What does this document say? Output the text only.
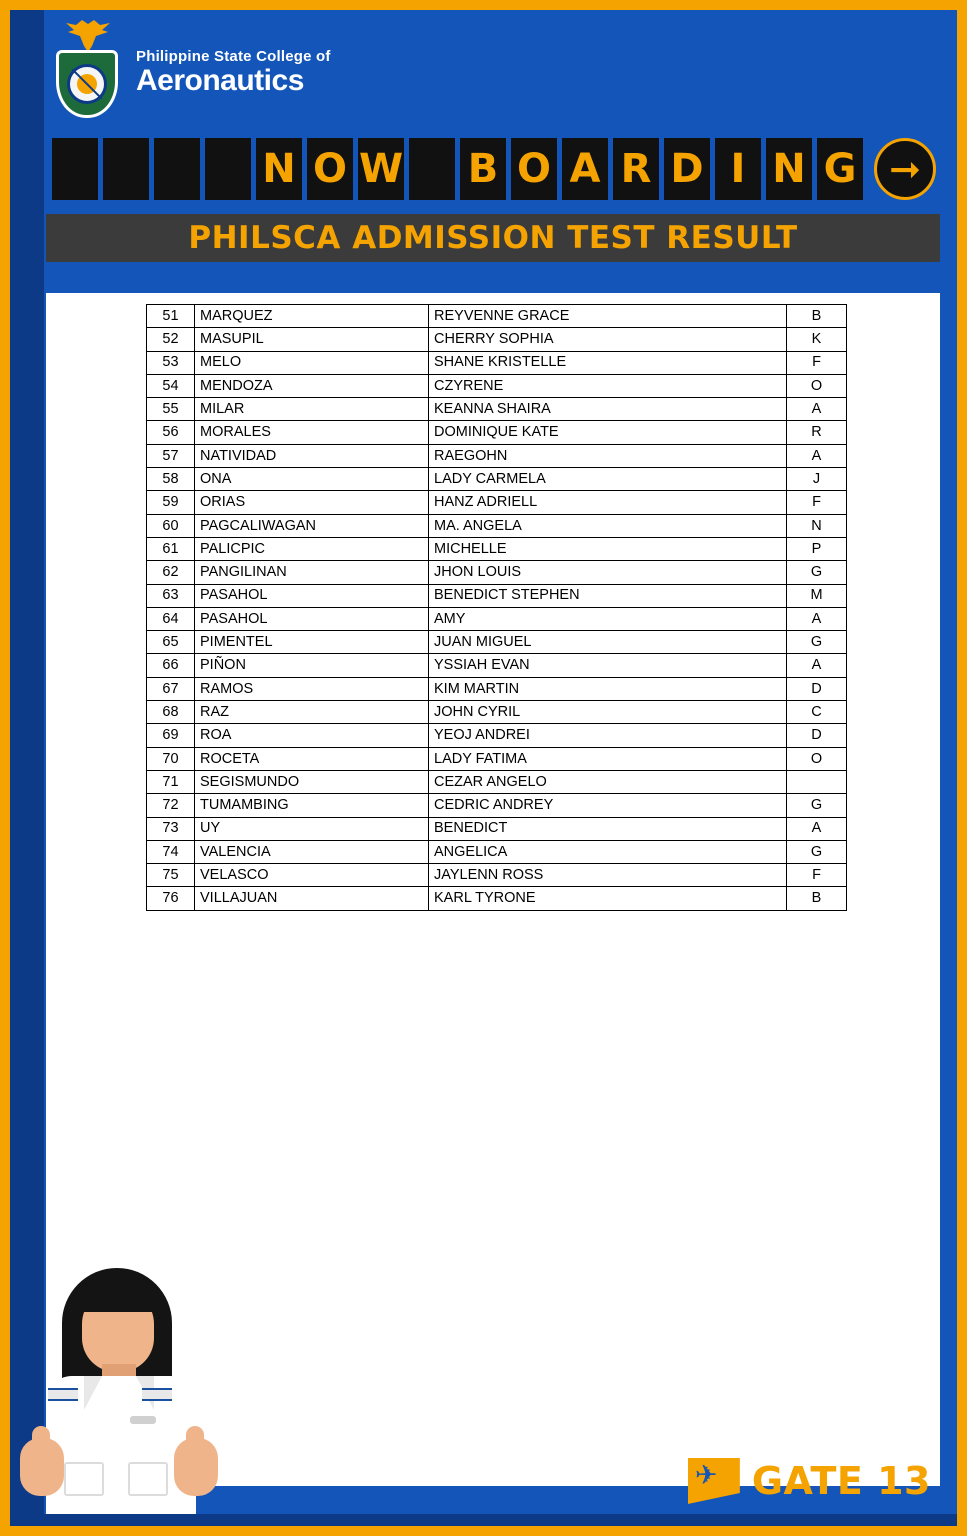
Philippine State College of
Aeronautics
N O W B O A R D I N G ➞
PHILSCA ADMISSION TEST RESULT
51	MARQUEZ	REYVENNE GRACE	B
52	MASUPIL	CHERRY SOPHIA	K
53	MELO	SHANE KRISTELLE	F
54	MENDOZA	CZYRENE	O
55	MILAR	KEANNA SHAIRA	A
56	MORALES	DOMINIQUE KATE	R
57	NATIVIDAD	RAEGOHN	A
58	ONA	LADY CARMELA	J
59	ORIAS	HANZ ADRIELL	F
60	PAGCALIWAGAN	MA. ANGELA	N
61	PALICPIC	MICHELLE	P
62	PANGILINAN	JHON LOUIS	G
63	PASAHOL	BENEDICT STEPHEN	M
64	PASAHOL	AMY	A
65	PIMENTEL	JUAN MIGUEL	G
66	PIÑON	YSSIAH EVAN	A
67	RAMOS	KIM MARTIN	D
68	RAZ	JOHN CYRIL	C
69	ROA	YEOJ ANDREI	D
70	ROCETA	LADY FATIMA	O
71	SEGISMUNDO	CEZAR ANGELO	
72	TUMAMBING	CEDRIC ANDREY	G
73	UY	BENEDICT	A
74	VALENCIA	ANGELICA	G
75	VELASCO	JAYLENN ROSS	F
76	VILLAJUAN	KARL TYRONE	B
✈
GATE 13
